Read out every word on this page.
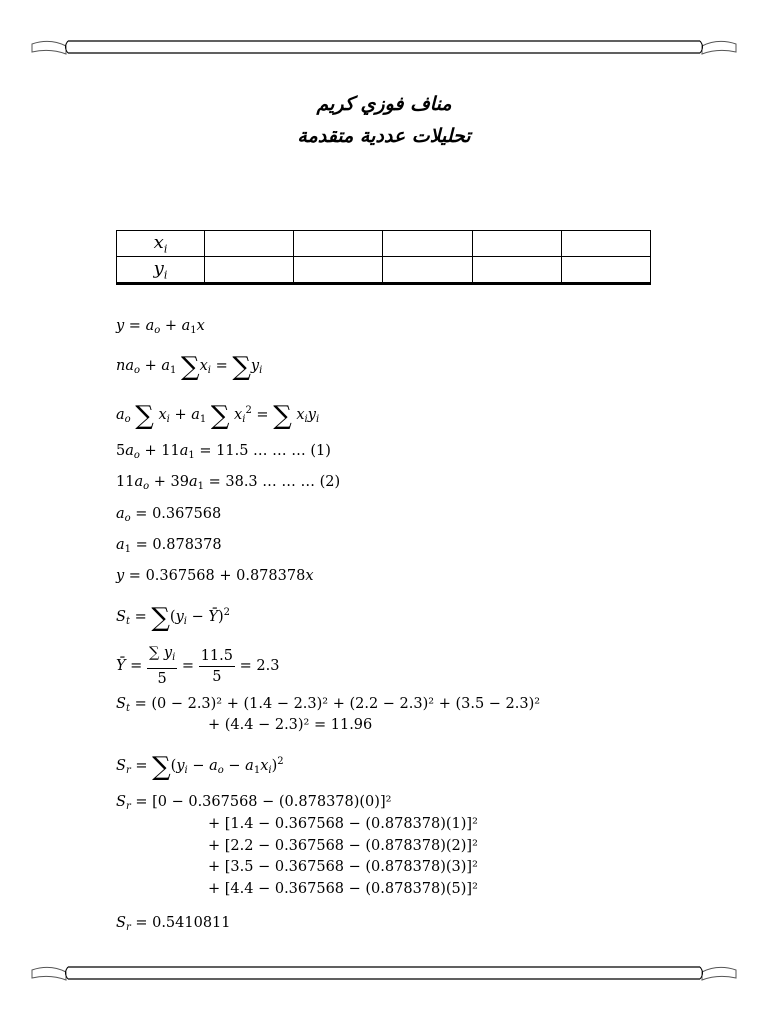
مناف فوزي كريم
تحليلات عددية متقدمة
$x_i$					
$y_i$					
$y = a_o + a_1x$
$na_o + a_1$ $\sum x_i = \sum y_i$
$a_o$ ∑ $x_i + a_1$ ∑ $x_i^2$ = ∑ $x_iy_i$
$5a_o + 11a_1 = 11.5$ … … … (1)
$11a_o + 39a_1 = 38.3$ … … … (2)
$a_o = 0.367568$
$a_1 = 0.878378$
y = 0.367568 + 0.878378x
$S_t = \sum(y_i$ − Ȳ)$^2$
Ȳ = $\frac{\sum y_i}{5} = \frac{11.5}{5} = 2.3$
$S_t = (0 - 2.3)^2 + (1.4 - 2.3)^2 + (2.2 - 2.3)^2 + (3.5 - 2.3)^2$
+ (4.4 − 2.3)² = 11.96
$S_r = \sum(y_i - a_o - a_1x_i)^2$
$S_r = [0 - 0.367568 - (0.878378)(0)]^2$
+ [1.4 − 0.367568 − (0.878378)(1)]²
+ [2.2 − 0.367568 − (0.878378)(2)]²
+ [3.5 − 0.367568 − (0.878378)(3)]²
+ [4.4 − 0.367568 − (0.878378)(5)]²
$S_r = 0.5410811$
